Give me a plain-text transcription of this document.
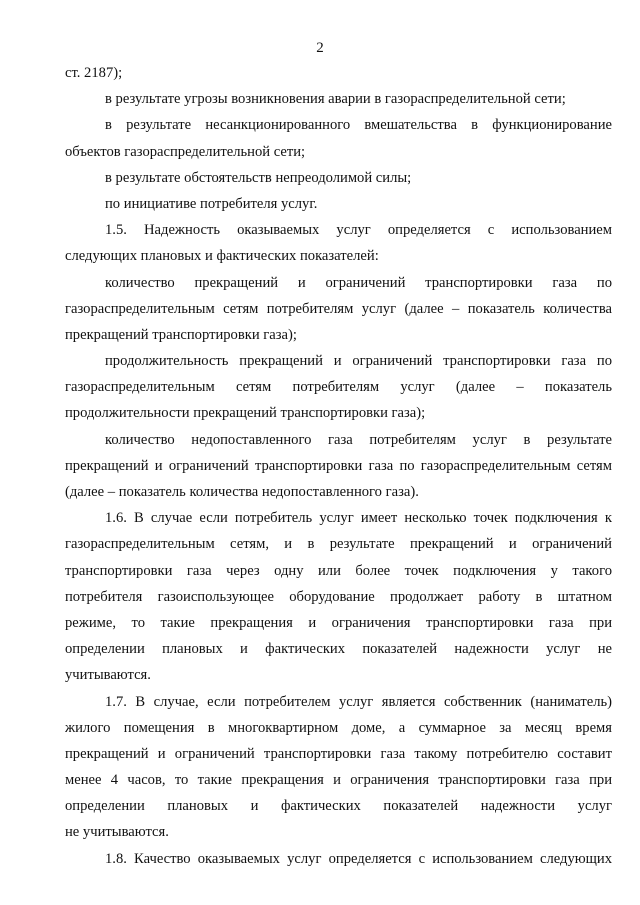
2
ст. 2187);
в результате угрозы возникновения аварии в газораспределительной сети;
в результате несанкционированного вмешательства в функционирование
объектов газораспределительной сети;
в результате обстоятельств непреодолимой силы;
по инициативе потребителя услуг.
1.5. Надежность оказываемых услуг определяется с использованием
следующих плановых и фактических показателей:
количество прекращений и ограничений транспортировки газа по
газораспределительным сетям потребителям услуг (далее – показатель количества
прекращений транспортировки газа);
продолжительность прекращений и ограничений транспортировки газа по
газораспределительным сетям потребителям услуг (далее – показатель
продолжительности прекращений транспортировки газа);
количество недопоставленного газа потребителям услуг в результате
прекращений и ограничений транспортировки газа по газораспределительным сетям
(далее – показатель количества недопоставленного газа).
1.6. В случае если потребитель услуг имеет несколько точек подключения к
газораспределительным сетям, и в результате прекращений и ограничений
транспортировки газа через одну или более точек подключения у такого
потребителя газоиспользующее оборудование продолжает работу в штатном
режиме, то такие прекращения и ограничения транспортировки газа при
определении плановых и фактических показателей надежности услуг не
учитываются.
1.7. В случае, если потребителем услуг является собственник (наниматель)
жилого помещения в многоквартирном доме, а суммарное за месяц время
прекращений и ограничений транспортировки газа такому потребителю составит
менее 4 часов, то такие прекращения и ограничения транспортировки газа при
определении плановых и фактических показателей надежности услуг
не учитываются.
1.8. Качество оказываемых услуг определяется с использованием следующих
